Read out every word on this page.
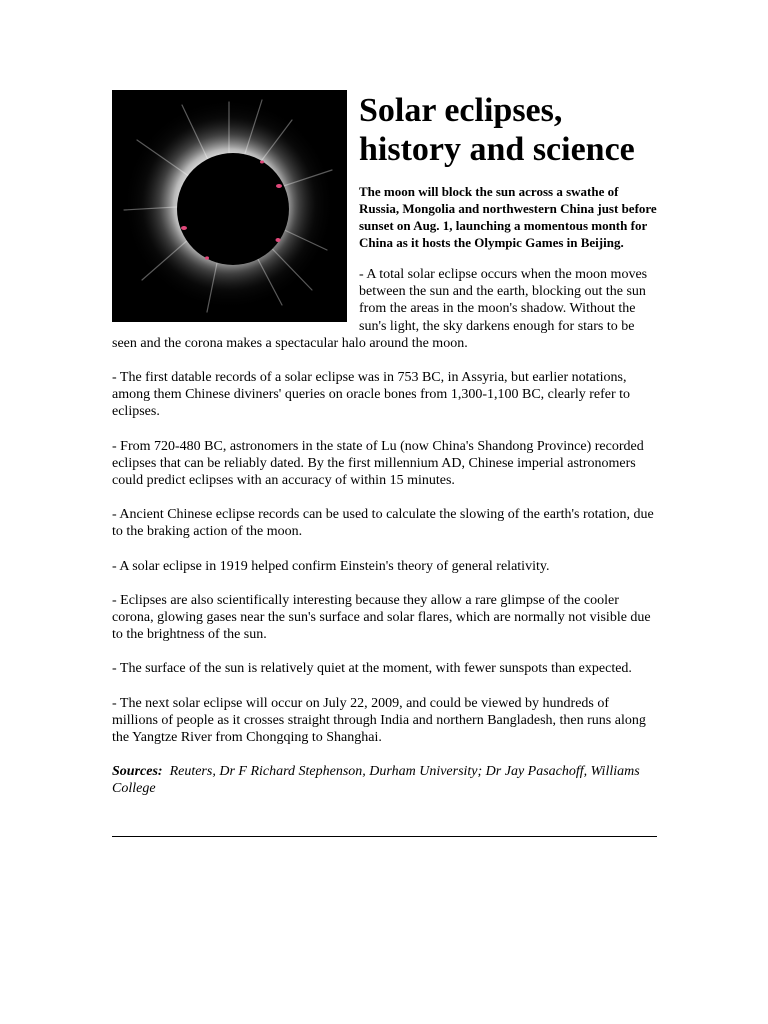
Solar eclipses, history and science

The moon will block the sun across a swathe of Russia, Mongolia and northwestern China just before sunset on Aug. 1, launching a momentous month for China as it hosts the Olympic Games in Beijing.

- A total solar eclipse occurs when the moon moves between the sun and the earth, blocking out the sun from the areas in the moon's shadow. Without the sun's light, the sky darkens enough for stars to be seen and the corona makes a spectacular halo around the moon.

- The first datable records of a solar eclipse was in 753 BC, in Assyria, but earlier notations, among them Chinese diviners' queries on oracle bones from 1,300-1,100 BC, clearly refer to eclipses.

- From 720-480 BC, astronomers in the state of Lu (now China's Shandong Province) recorded eclipses that can be reliably dated. By the first millennium AD, Chinese imperial astronomers could predict eclipses with an accuracy of within 15 minutes.

- Ancient Chinese eclipse records can be used to calculate the slowing of the earth's rotation, due to the braking action of the moon.

- A solar eclipse in 1919 helped confirm Einstein's theory of general relativity.

- Eclipses are also scientifically interesting because they allow a rare glimpse of the cooler corona, glowing gases near the sun's surface and solar flares, which are normally not visible due to the brightness of the sun.

- The surface of the sun is relatively quiet at the moment, with fewer sunspots than expected.

- The next solar eclipse will occur on July 22, 2009, and could be viewed by hundreds of millions of people as it crosses straight through India and northern Bangladesh, then runs along the Yangtze River from Chongqing to Shanghai.

Sources: Reuters, Dr F Richard Stephenson, Durham University; Dr Jay Pasachoff, Williams College
